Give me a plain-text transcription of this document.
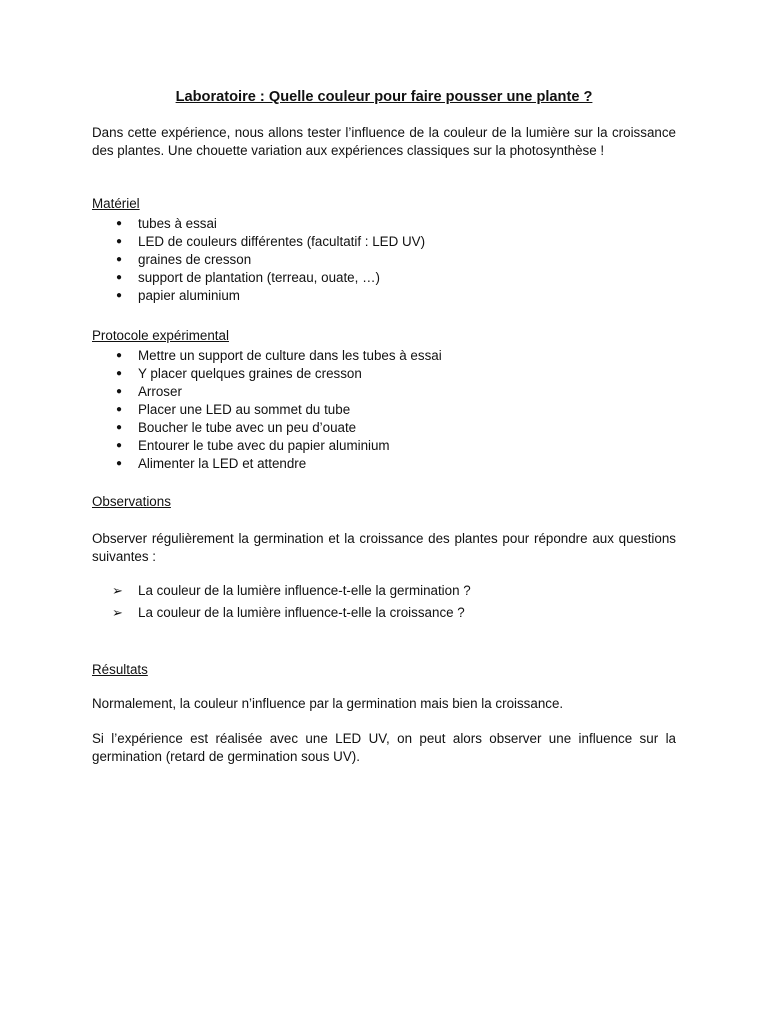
Laboratoire : Quelle couleur pour faire pousser une plante ?

Dans cette expérience, nous allons tester l’influence de la couleur de la lumière sur la croissance des plantes. Une chouette variation aux expériences classiques sur la photosynthèse !

Matériel
● tubes à essai
● LED de couleurs différentes (facultatif : LED UV)
● graines de cresson
● support de plantation (terreau, ouate, …)
● papier aluminium
Protocole expérimental
● Mettre un support de culture dans les tubes à essai
● Y placer quelques graines de cresson
● Arroser
● Placer une LED au sommet du tube
● Boucher le tube avec un peu d’ouate
● Entourer le tube avec du papier aluminium
● Alimenter la LED et attendre
Observations

Observer régulièrement la germination et la croissance des plantes pour répondre aux questions suivantes :

➢ La couleur de la lumière influence-t-elle la germination ?
➢ La couleur de la lumière influence-t-elle la croissance ?
Résultats

Normalement, la couleur n’influence par la germination mais bien la croissance.

Si l’expérience est réalisée avec une LED UV, on peut alors observer une influence sur la germination (retard de germination sous UV).
